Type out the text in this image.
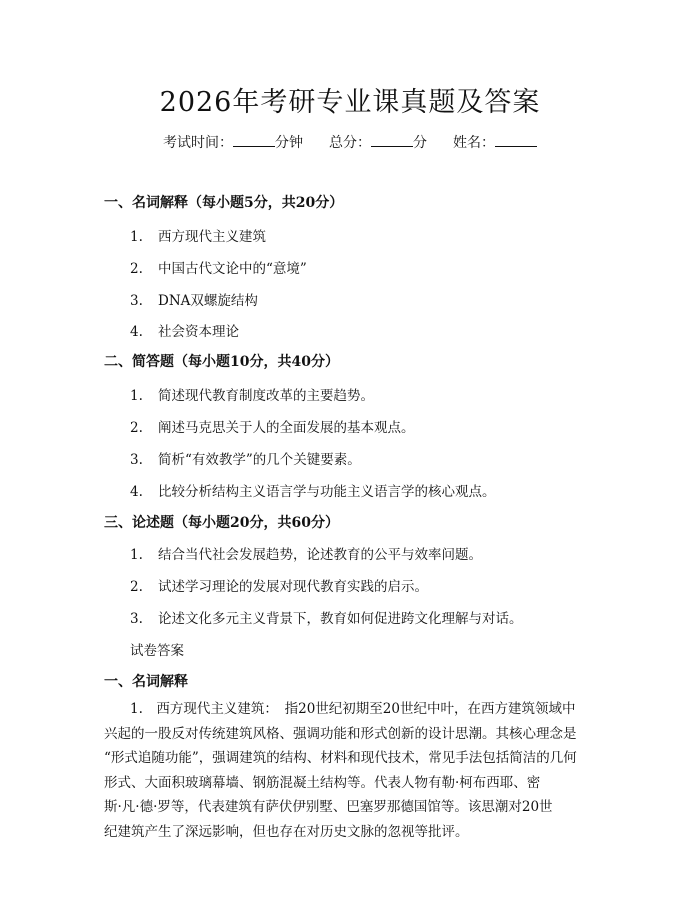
2026年考研专业课真题及答案
考试时间：	分钟 总分：	分 姓名：
一、名词解释（每小题5分，共20分）
1. 西方现代主义建筑
2. 中国古代文论中的“意境”
3. DNA双螺旋结构
4. 社会资本理论
二、简答题（每小题10分，共40分）
1. 简述现代教育制度改革的主要趋势。
2. 阐述马克思关于人的全面发展的基本观点。
3. 简析“有效教学”的几个关键要素。
4. 比较分析结构主义语言学与功能主义语言学的核心观点。
三、论述题（每小题20分，共60分）
1. 结合当代社会发展趋势，论述教育的公平与效率问题。
2. 试述学习理论的发展对现代教育实践的启示。
3. 论述文化多元主义背景下，教育如何促进跨文化理解与对话。
试卷答案
一、名词解释

1.　西方现代主义建筑：　指20世纪初期至20世纪中叶，在西方建筑领域中

兴起的一股反对传统建筑风格、强调功能和形式创新的设计思潮。其核心理念是

“形式追随功能”，强调建筑的结构、材料和现代技术，常见手法包括简洁的几何

形式、大面积玻璃幕墙、钢筋混凝土结构等。代表人物有勒·柯布西耶、密

斯·凡·德·罗等，代表建筑有萨伏伊别墅、巴塞罗那德国馆等。该思潮对20世

纪建筑产生了深远影响，但也存在对历史文脉的忽视等批评。
